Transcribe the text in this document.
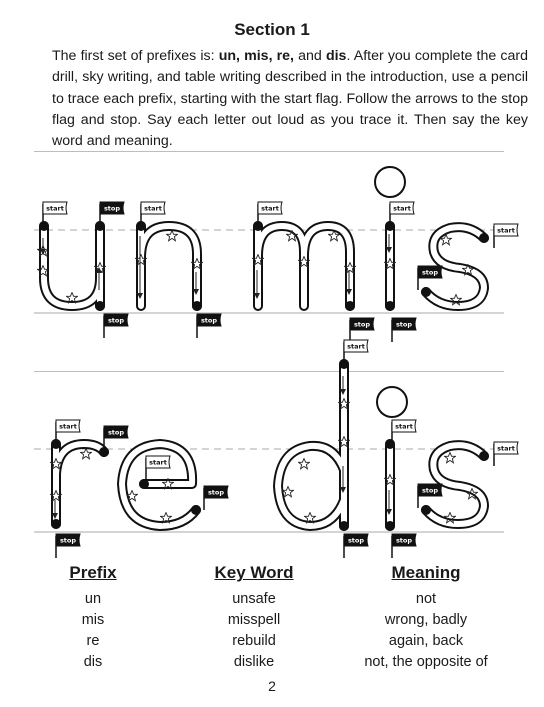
Section 1
The first set of prefixes is: un, mis, re, and dis. After you complete the card drill, sky writing, and table writing described in the introduction, use a pencil to trace each prefix, starting with the start flag. Follow the arrows to the stop flag and stop. Say each letter out loud as you trace it. Then say the key word and meaning.
start	stop
stop
start
stop
start
stop
start
stop
start
stop
start
stop
stop
start
stop
start
stop
start
stop
start
stop
Prefix
un
mis
re
dis
Key Word
unsafe
misspell
rebuild
dislike
Meaning
not
wrong, badly
again, back
not, the opposite of
2
